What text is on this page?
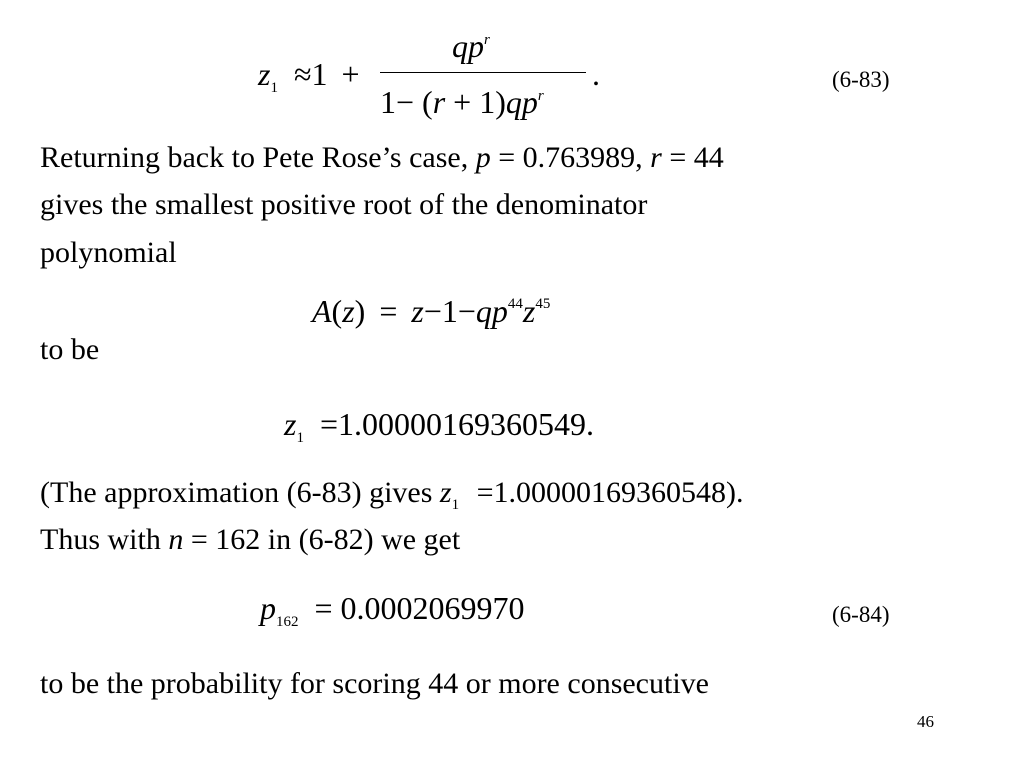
$z_1 \approx 1$ +
$qp^r$
$1- (r + 1)qp^r$
.	(6-83)
Returning back to Pete Rose’s case, p = 0.763989, r = 44
gives the smallest positive root of the denominator
polynomial
$A(z) = z-1-qp^{44}z^{45}$
to be
$z_1 =1.00000169360549$.
(The approximation (6-83) gives $z_1 =1.00000169360548$).
Thus with n = 162 in (6-82) we get
$p_{162} = 0.0002069970$	(6-84)
to be the probability for scoring 44 or more consecutive
46
